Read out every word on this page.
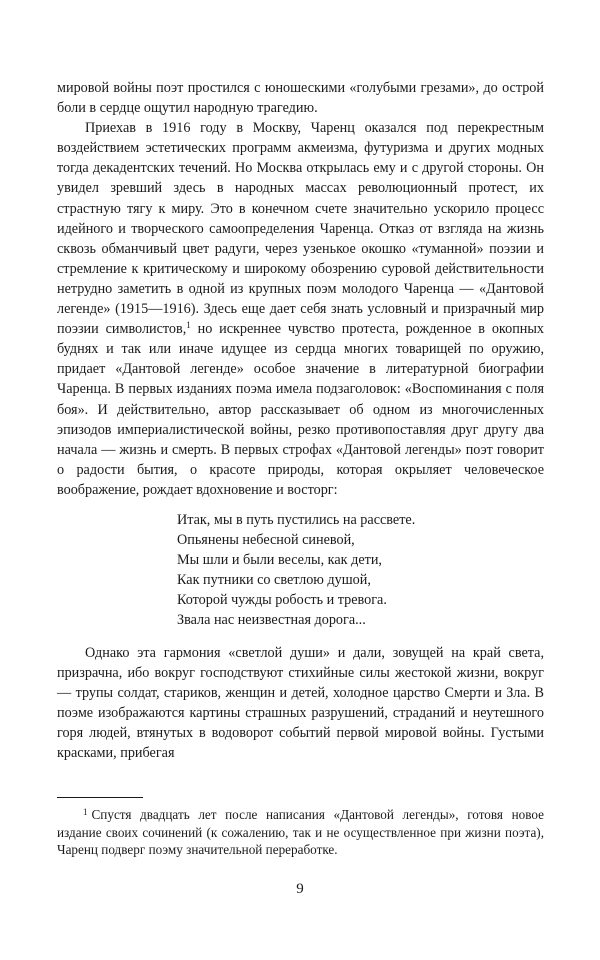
мировой войны поэт простился с юношескими «голубыми грезами», до острой боли в сердце ощутил народную трагедию.

Приехав в 1916 году в Москву, Чаренц оказался под перекрестным воздействием эстетических программ акмеизма, футуризма и других модных тогда декадентских течений. Но Москва открылась ему и с другой стороны. Он увидел зревший здесь в народных массах революционный протест, их страстную тягу к миру. Это в конечном счете значительно ускорило процесс идейного и творческого самоопределения Чаренца. Отказ от взгляда на жизнь сквозь обманчивый цвет радуги, через узенькое окошко «туманной» поэзии и стремление к критическому и широкому обозрению суровой действительности нетрудно заметить в одной из крупных поэм молодого Чаренца — «Дантовой легенде» (1915—1916). Здесь еще дает себя знать условный и призрачный мир поэзии символистов,$^1$ но искреннее чувство протеста, рожденное в окопных буднях и так или иначе идущее из сердца многих товарищей по оружию, придает «Дантовой легенде» особое значение в литературной биографии Чаренца. В первых изданиях поэма имела подзаголовок: «Воспоминания с поля боя». И действительно, автор рассказывает об одном из многочисленных эпизодов империалистической войны, резко противопоставляя друг другу два начала — жизнь и смерть. В первых строфах «Дантовой легенды» поэт говорит о радости бытия, о красоте природы, которая окрыляет человеческое воображение, рождает вдохновение и восторг:

Итак, мы в путь пустились на рассвете.
Опьянены небесной синевой,
Мы шли и были веселы, как дети,
Как путники со светлою душой,
Которой чужды робость и тревога.
Звала нас неизвестная дорога...

Однако эта гармония «светлой души» и дали, зовущей на край света, призрачна, ибо вокруг господствуют стихийные силы жестокой жизни, вокруг — трупы солдат, стариков, женщин и детей, холодное царство Смерти и Зла. В поэме изображаются картины страшных разрушений, страданий и неутешного горя людей, втянутых в водоворот событий первой мировой войны. Густыми красками, прибегая

$^1$ Спустя двадцать лет после написания «Дантовой легенды», готовя новое издание своих сочинений (к сожалению, так и не осуществленное при жизни поэта), Чаренц подверг поэму значительной переработке.

9
